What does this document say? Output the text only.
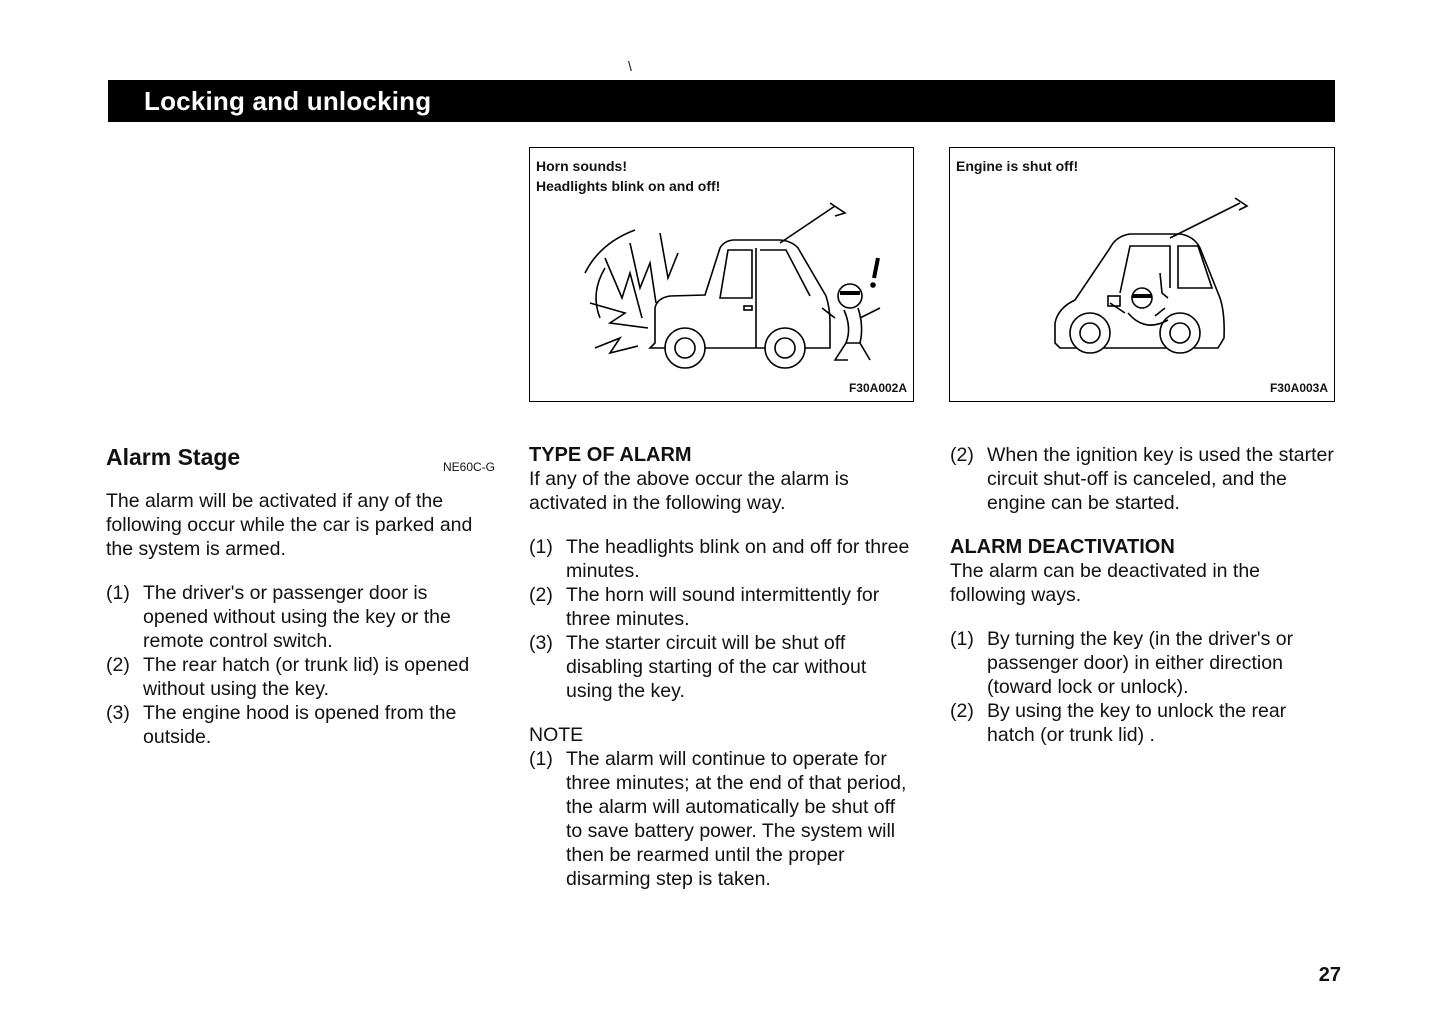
\
Locking and unlocking
Horn sounds!
Headlights blink on and off!
F30A002A
Engine is shut off!
F30A003A
Alarm Stage	NE60C-G

The alarm will be activated if any of the following occur while the car is parked and the system is armed.

(1) The driver's or passenger door is opened without using the key or the remote control switch.
(2) The rear hatch (or trunk lid) is opened without using the key.
(3) The engine hood is opened from the outside.

TYPE OF ALARM

If any of the above occur the alarm is activated in the following way.

(1) The headlights blink on and off for three minutes.
(2) The horn will sound intermittently for three minutes.
(3) The starter circuit will be shut off disabling starting of the car without using the key.

NOTE

(1) The alarm will continue to operate for three minutes; at the end of that period, the alarm will automatically be shut off to save battery power. The system will then be rearmed until the proper disarming step is taken.
(2) When the ignition key is used the starter circuit shut-off is canceled, and the engine can be started.

ALARM DEACTIVATION

The alarm can be deactivated in the following ways.

(1) By turning the key (in the driver's or passenger door) in either direction (toward lock or unlock).
(2) By using the key to unlock the rear hatch (or trunk lid) .
27
